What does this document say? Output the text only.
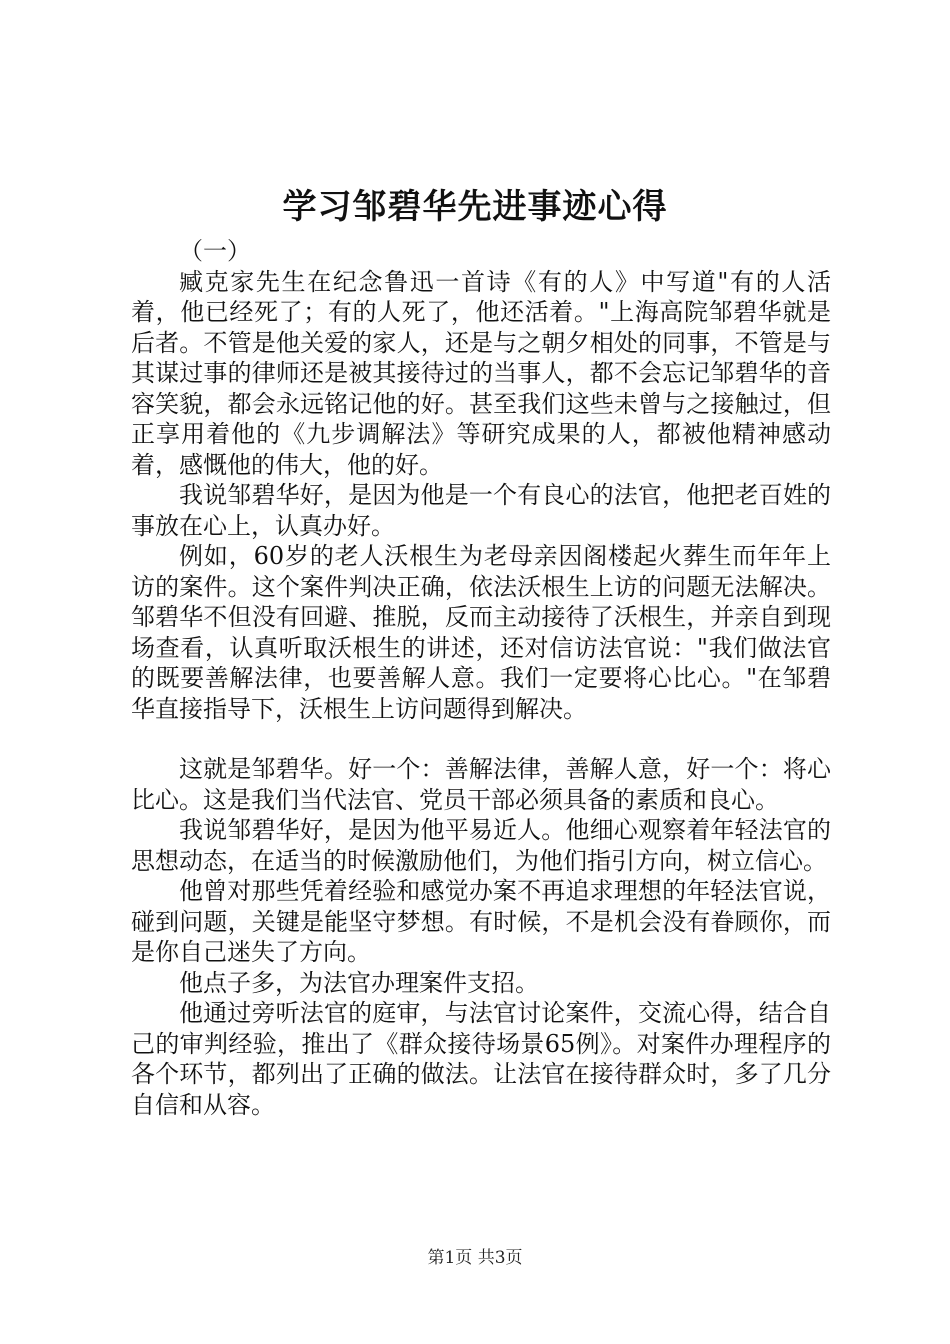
学习邹碧华先进事迹心得

（一）

臧克家先生在纪念鲁迅一首诗《有的人》中写道"有的人活着，他已经死了；有的人死了，他还活着。"上海高院邹碧华就是后者。不管是他关爱的家人，还是与之朝夕相处的同事，不管是与其谋过事的律师还是被其接待过的当事人，都不会忘记邹碧华的音容笑貌，都会永远铭记他的好。甚至我们这些未曾与之接触过，但正享用着他的《九步调解法》等研究成果的人，都被他精神感动着，感慨他的伟大，他的好。

我说邹碧华好，是因为他是一个有良心的法官，他把老百姓的事放在心上，认真办好。

例如，60岁的老人沃根生为老母亲因阁楼起火葬生而年年上访的案件。这个案件判决正确，依法沃根生上访的问题无法解决。邹碧华不但没有回避、推脱，反而主动接待了沃根生，并亲自到现场查看，认真听取沃根生的讲述，还对信访法官说："我们做法官的既要善解法律，也要善解人意。我们一定要将心比心。"在邹碧华直接指导下，沃根生上访问题得到解决。

这就是邹碧华。好一个：善解法律，善解人意，好一个：将心比心。这是我们当代法官、党员干部必须具备的素质和良心。

我说邹碧华好，是因为他平易近人。他细心观察着年轻法官的思想动态，在适当的时候激励他们，为他们指引方向，树立信心。

他曾对那些凭着经验和感觉办案不再追求理想的年轻法官说，碰到问题，关键是能坚守梦想。有时候，不是机会没有眷顾你，而是你自己迷失了方向。

他点子多，为法官办理案件支招。

他通过旁听法官的庭审，与法官讨论案件，交流心得，结合自己的审判经验，推出了《群众接待场景65例》。对案件办理程序的各个环节，都列出了正确的做法。让法官在接待群众时，多了几分自信和从容。

第1页 共3页
